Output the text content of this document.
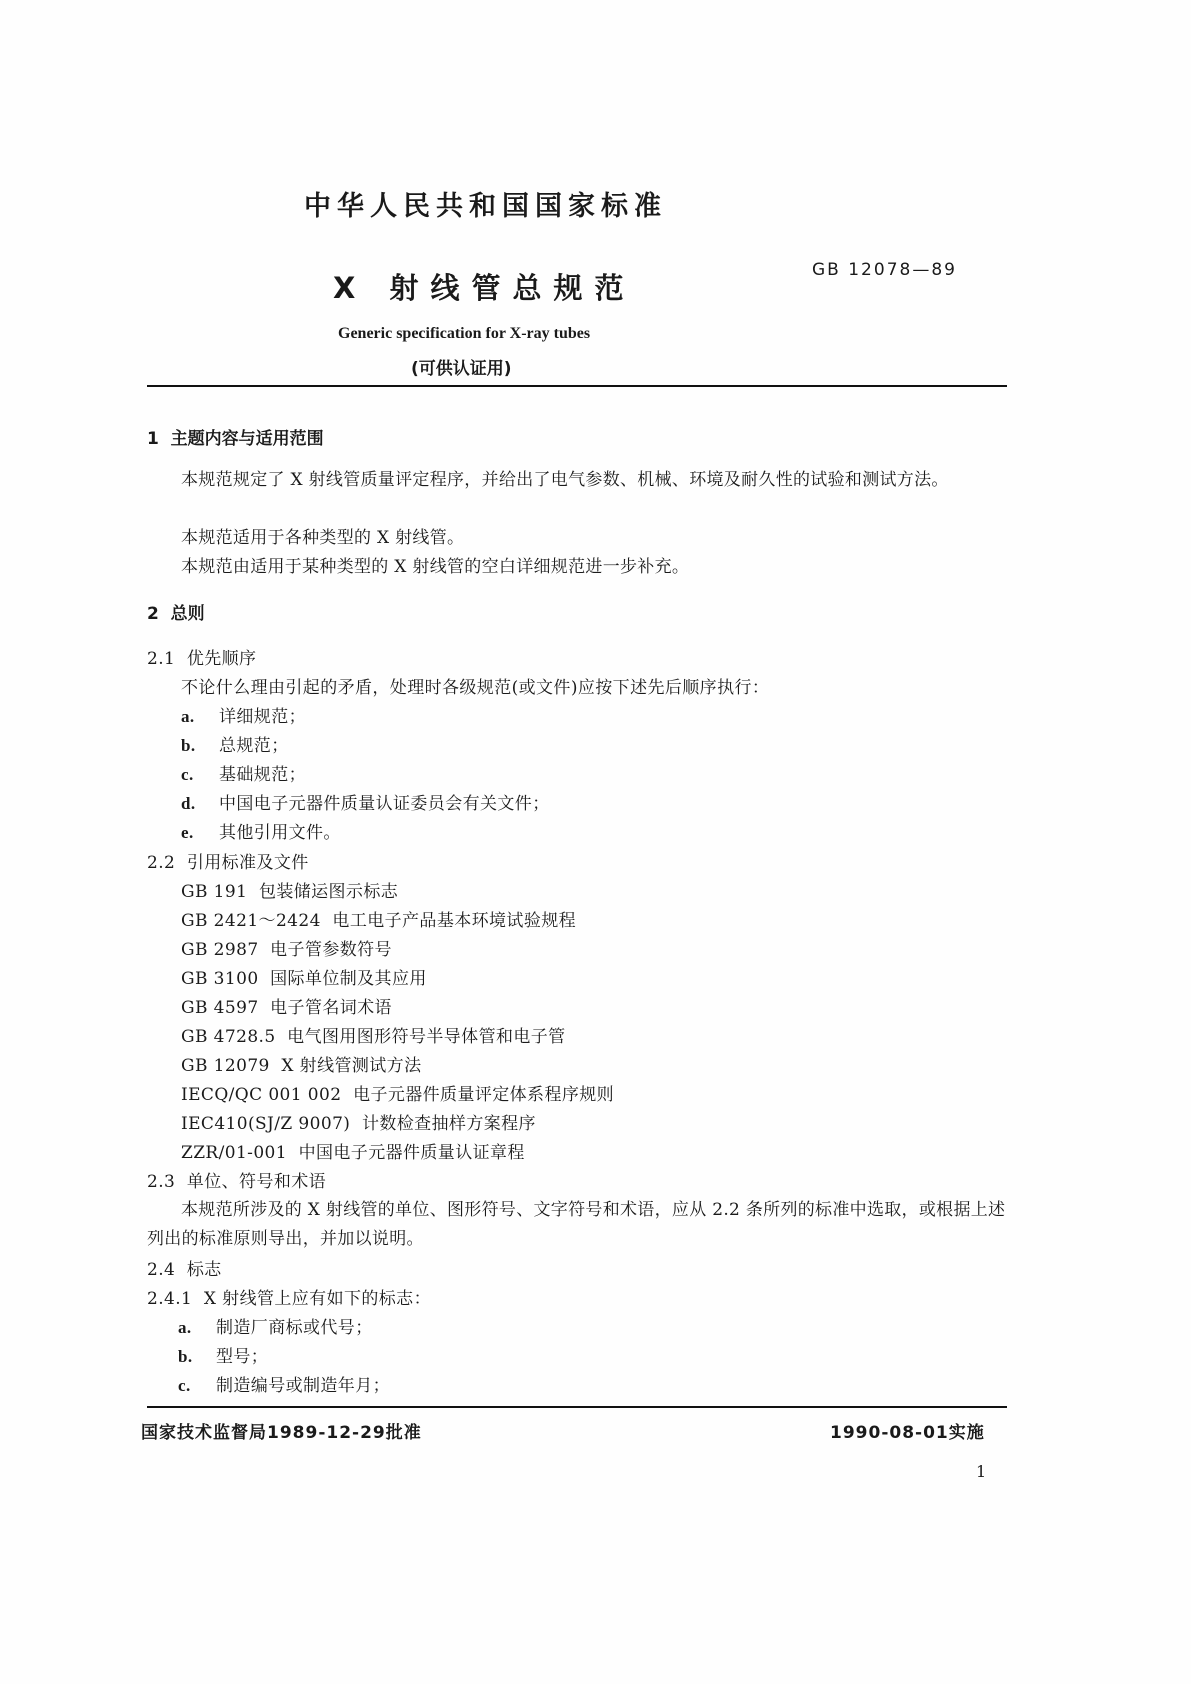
中华人民共和国国家标准
X 射线管总规范
GB 12078—89
Generic specification for X-ray tubes
(可供认证用)
1  主题内容与适用范围
本规范规定了 X 射线管质量评定程序，并给出了电气参数、机械、环境及耐久性的试验和测试方法。
本规范适用于各种类型的 X 射线管。
本规范由适用于某种类型的 X 射线管的空白详细规范进一步补充。
2  总则
2.1  优先顺序
不论什么理由引起的矛盾，处理时各级规范(或文件)应按下述先后顺序执行：
a. 详细规范；
b. 总规范；
c. 基础规范；
d. 中国电子元器件质量认证委员会有关文件；
e. 其他引用文件。
2.2  引用标准及文件
GB 191 包装储运图示标志
GB 2421～2424 电工电子产品基本环境试验规程
GB 2987 电子管参数符号
GB 3100 国际单位制及其应用
GB 4597 电子管名词术语
GB 4728.5 电气图用图形符号半导体管和电子管
GB 12079 X 射线管测试方法
IECQ/QC 001 002 电子元器件质量评定体系程序规则
IEC410(SJ/Z 9007) 计数检查抽样方案程序
ZZR/01-001 中国电子元器件质量认证章程
2.3  单位、符号和术语
本规范所涉及的 X 射线管的单位、图形符号、文字符号和术语，应从 2.2 条所列的标准中选取，或根据上述列出的标准原则导出，并加以说明。
2.4  标志
2.4.1  X 射线管上应有如下的标志：
a. 制造厂商标或代号；
b. 型号；
c. 制造编号或制造年月；
国家技术监督局1989-12-29批准	1990-08-01实施
1
